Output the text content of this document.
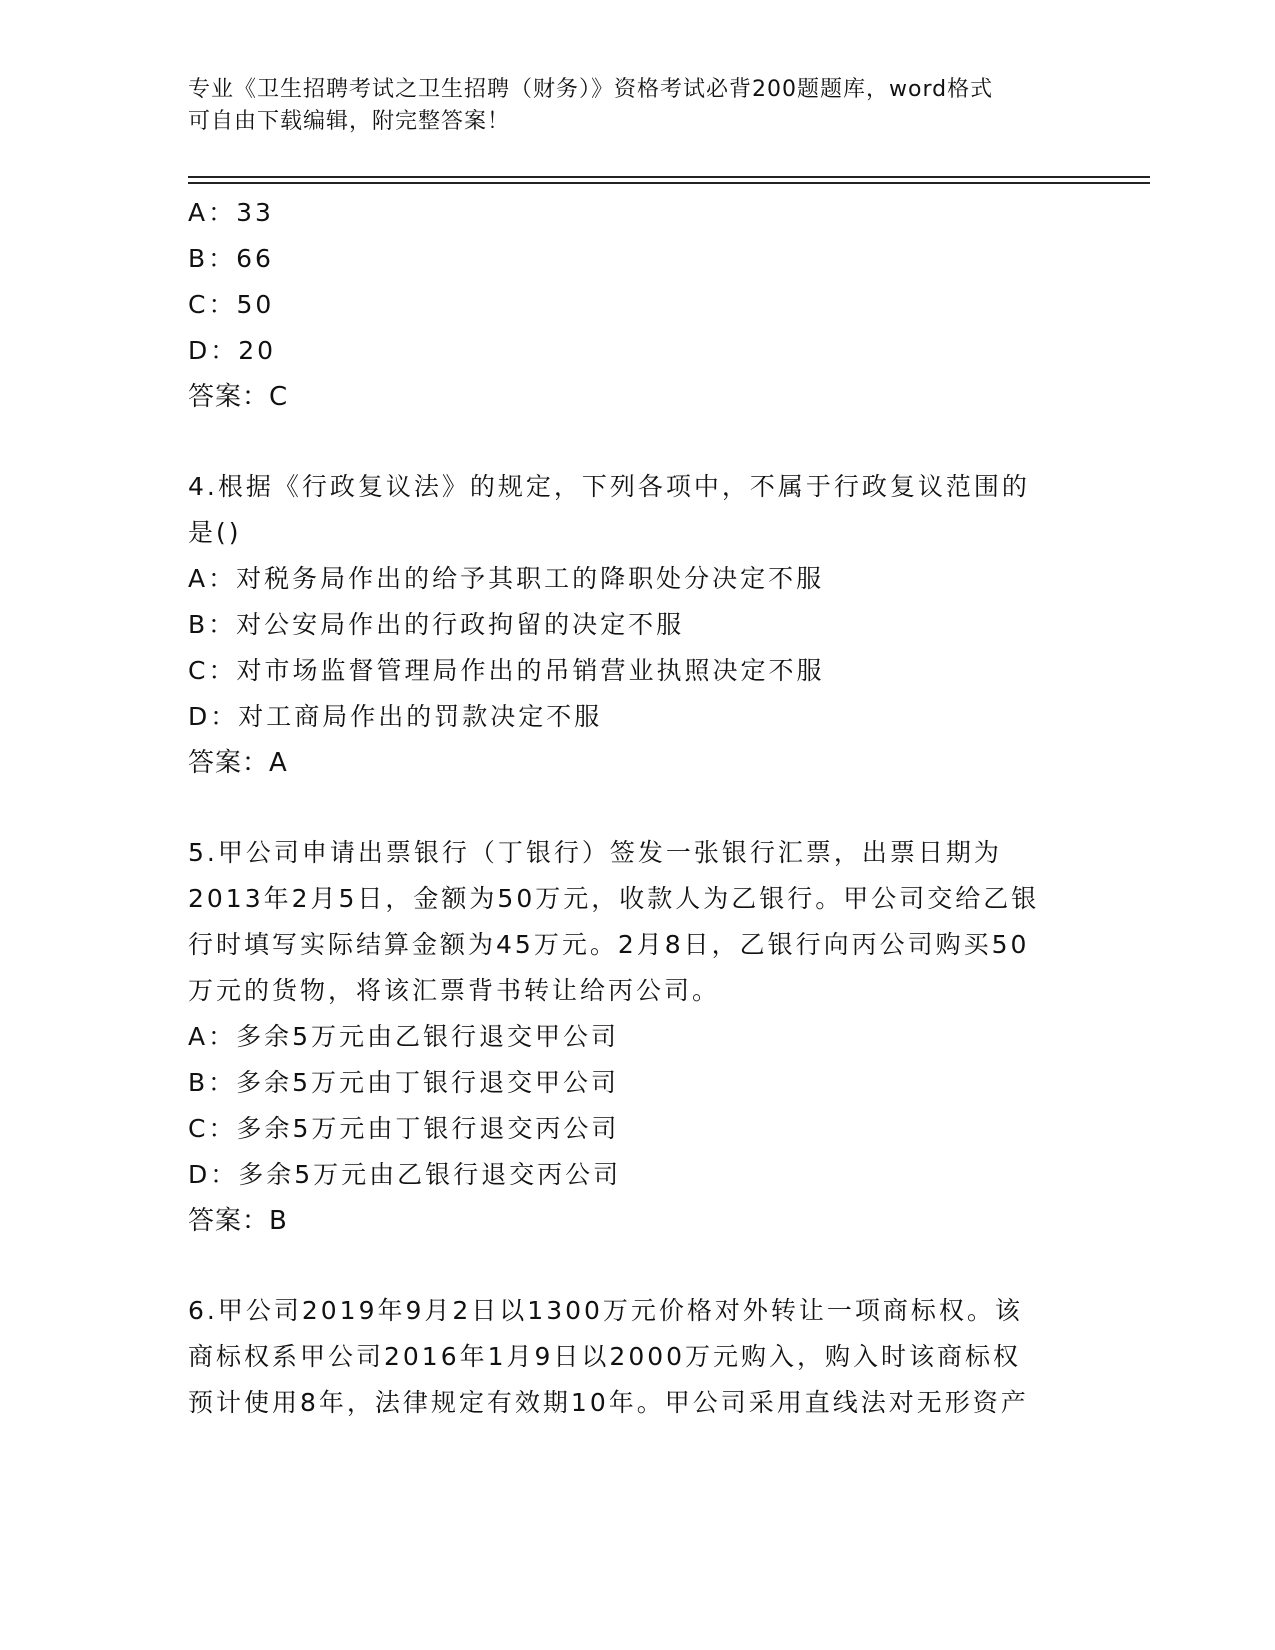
专业《卫生招聘考试之卫生招聘（财务）》资格考试必背200题题库，word格式
可自由下载编辑，附完整答案！
A：33
B：66
C：50
D：20
答案：C
4.根据《行政复议法》的规定，下列各项中，不属于行政复议范围的
是()
A：对税务局作出的给予其职工的降职处分决定不服
B：对公安局作出的行政拘留的决定不服
C：对市场监督管理局作出的吊销营业执照决定不服
D：对工商局作出的罚款决定不服
答案：A
5.甲公司申请出票银行（丁银行）签发一张银行汇票，出票日期为
2013年2月5日，金额为50万元，收款人为乙银行。甲公司交给乙银
行时填写实际结算金额为45万元。2月8日，乙银行向丙公司购买50
万元的货物，将该汇票背书转让给丙公司。
A：多余5万元由乙银行退交甲公司
B：多余5万元由丁银行退交甲公司
C：多余5万元由丁银行退交丙公司
D：多余5万元由乙银行退交丙公司
答案：B
6.甲公司2019年9月2日以1300万元价格对外转让一项商标权。该
商标权系甲公司2016年1月9日以2000万元购入，购入时该商标权
预计使用8年，法律规定有效期10年。甲公司采用直线法对无形资产
